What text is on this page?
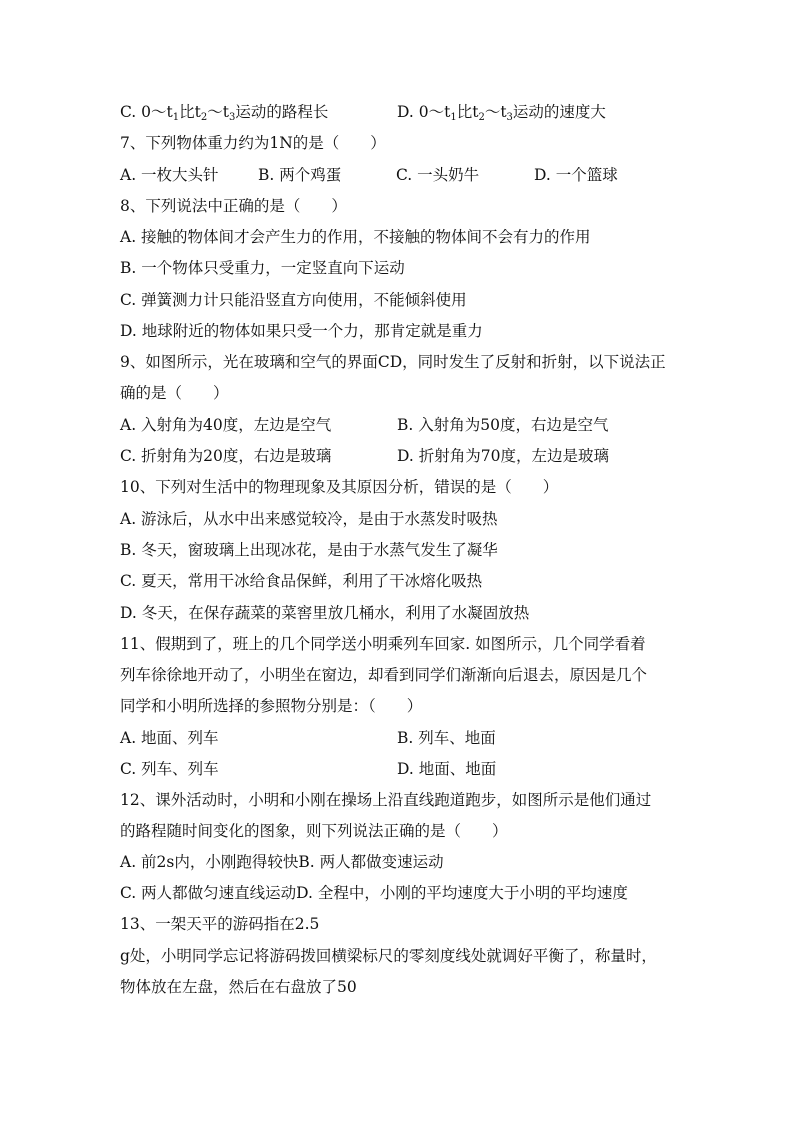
C. $0\sim t_1$比$t_2\sim t_3$运动的路程长	D. $0\sim t_1$比$t_2\sim t_3$运动的速度大
7、下列物体重力约为1N的是（　　）
A. 一枚大头针	B. 两个鸡蛋	C. 一头奶牛	D. 一个篮球
8、下列说法中正确的是（　　）
A. 接触的物体间才会产生力的作用，不接触的物体间不会有力的作用
B. 一个物体只受重力，一定竖直向下运动
C. 弹簧测力计只能沿竖直方向使用，不能倾斜使用
D. 地球附近的物体如果只受一个力，那肯定就是重力
9、如图所示，光在玻璃和空气的界面CD，同时发生了反射和折射，以下说法正
确的是（　　）
A. 入射角为40度，左边是空气	B. 入射角为50度，右边是空气
C. 折射角为20度，右边是玻璃	D. 折射角为70度，左边是玻璃
10、下列对生活中的物理现象及其原因分析，错误的是（　　）
A. 游泳后，从水中出来感觉较冷，是由于水蒸发时吸热
B. 冬天，窗玻璃上出现冰花，是由于水蒸气发生了凝华
C. 夏天，常用干冰给食品保鲜，利用了干冰熔化吸热
D. 冬天，在保存蔬菜的菜窖里放几桶水，利用了水凝固放热
11、假期到了，班上的几个同学送小明乘列车回家. 如图所示，几个同学看着
列车徐徐地开动了，小明坐在窗边，却看到同学们渐渐向后退去，原因是几个
同学和小明所选择的参照物分别是：（　　）
A. 地面、列车	B. 列车、地面
C. 列车、列车	D. 地面、地面
12、课外活动时，小明和小刚在操场上沿直线跑道跑步，如图所示是他们通过
的路程随时间变化的图象，则下列说法正确的是（　　）
A. 前2s内，小刚跑得较快B. 两人都做变速运动
C. 两人都做匀速直线运动D. 全程中，小刚的平均速度大于小明的平均速度
13、一架天平的游码指在2.5
g处，小明同学忘记将游码拨回横梁标尺的零刻度线处就调好平衡了，称量时，
物体放在左盘，然后在右盘放了50
